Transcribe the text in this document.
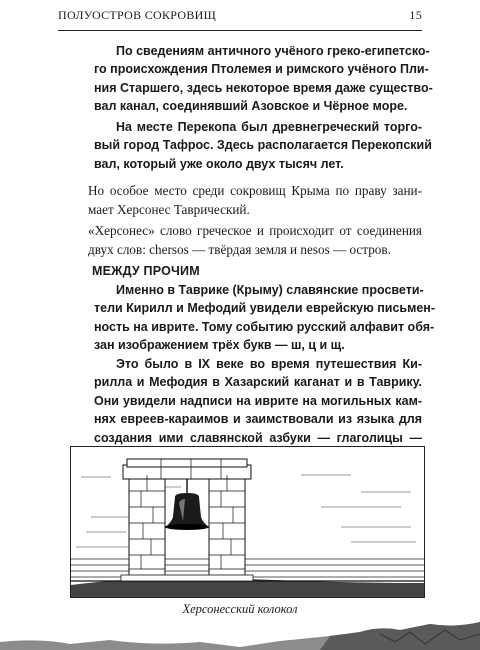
ПОЛУОСТРОВ СОКРОВИЩ	15

По сведениям античного учёного греко-египетско-
го происхождения Птолемея и римского учёного Пли-
ния Старшего, здесь некоторое время даже существо-
вал канал, соединявший Азовское и Чёрное море.

На месте Перекопа был древнегреческий торго-
вый город Тафрос. Здесь располагается Перекопский
вал, который уже около двух тысяч лет.

Но особое место среди сокровищ Крыма по праву зани-
мает Херсонес Таврический.

«Херсонес» слово греческое и происходит от соединения
двух слов: chersos — твёрдая земля и nesos — остров.

МЕЖДУ ПРОЧИМ

Именно в Таврике (Крыму) славянские просвети-
тели Кирилл и Мефодий увидели еврейскую письмен-
ность на иврите. Тому событию русский алфавит обя-
зан изображением трёх букв — ш, ц и щ.

Это было в IX веке во время путешествия Ки-
рилла и Мефодия в Хазарский каганат и в Таврику.
Они увидели надписи на иврите на могильных кам-
нях евреев-караимов и заимствовали из языка для
создания ими славянской азбуки — глаголицы —

Херсонесский колокол
